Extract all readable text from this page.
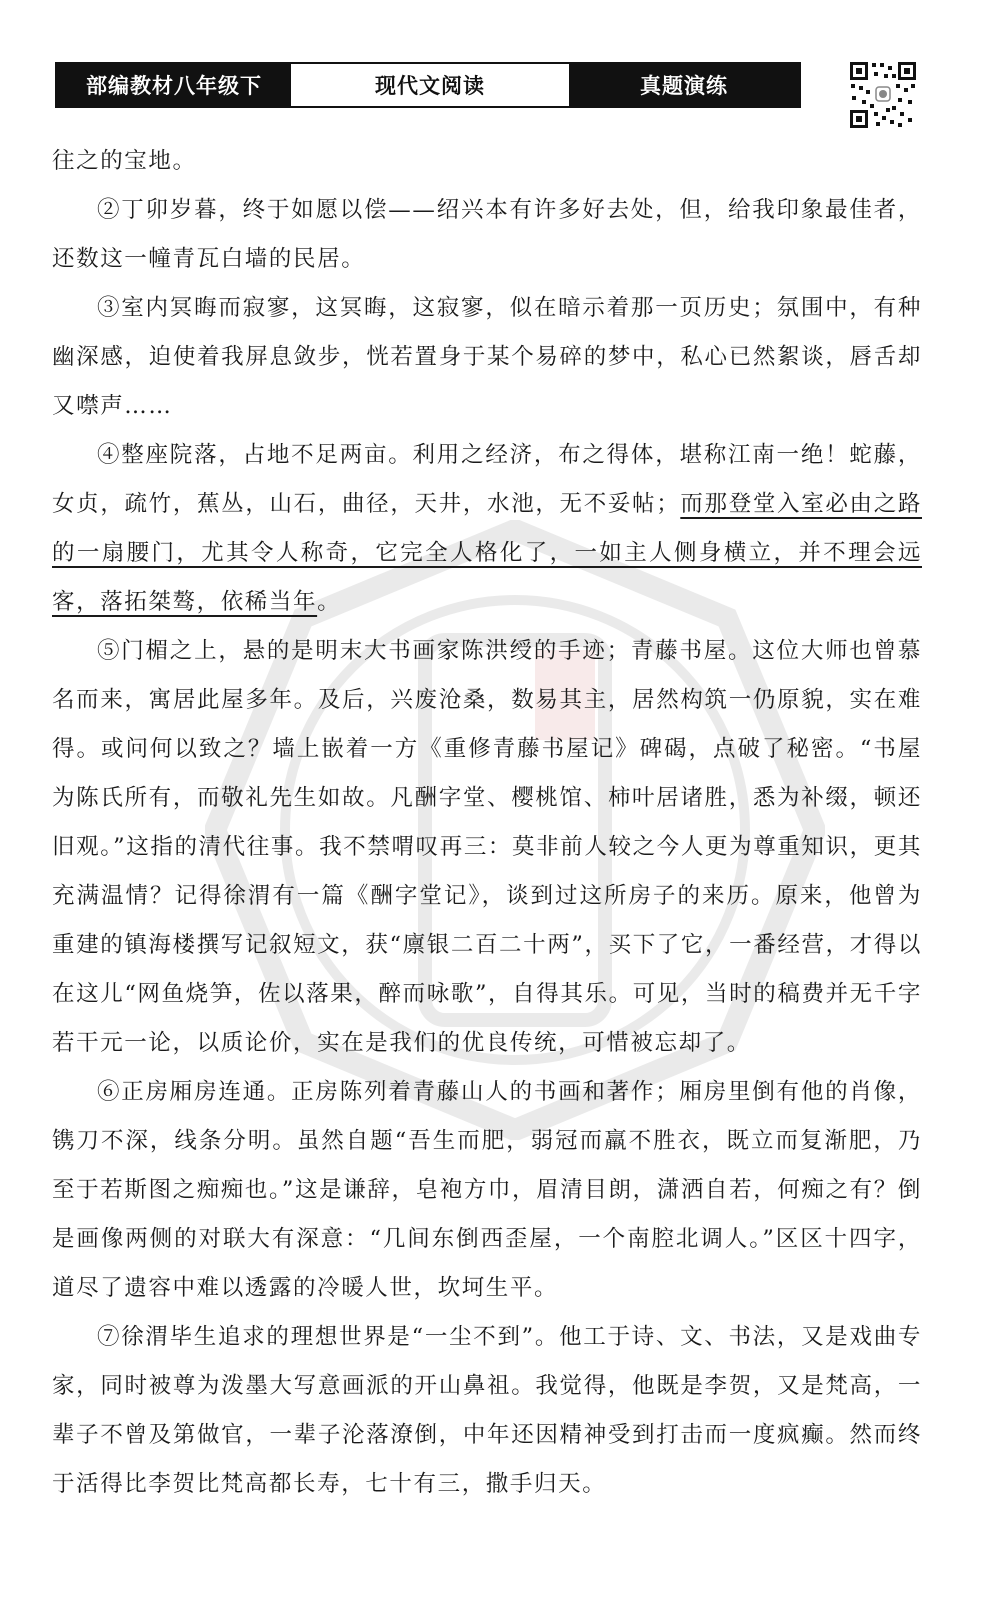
部编教材八年级下	现代文阅读	真题演练

往之的宝地。

②丁卯岁暮，终于如愿以偿——绍兴本有许多好去处，但，给我印象最佳者，还数这一幢青瓦白墙的民居。

③室内冥晦而寂寥，这冥晦，这寂寥，似在暗示着那一页历史；氛围中，有种幽深感，迫使着我屏息敛步，恍若置身于某个易碎的梦中，私心已然絮谈，唇舌却又噤声……

④整座院落，占地不足两亩。利用之经济，布之得体，堪称江南一绝！蛇藤，女贞，疏竹，蕉丛，山石，曲径，天井，水池，无不妥帖；而那登堂入室必由之路的一扇腰门，尤其令人称奇，它完全人格化了，一如主人侧身横立，并不理会远客，落拓桀骜，依稀当年。

⑤门楣之上，悬的是明末大书画家陈洪绶的手迹；青藤书屋。这位大师也曾慕名而来，寓居此屋多年。及后，兴废沧桑，数易其主，居然构筑一仍原貌，实在难得。或问何以致之？墙上嵌着一方《重修青藤书屋记》碑碣，点破了秘密。“书屋为陈氏所有，而敬礼先生如故。凡酬字堂、樱桃馆、柿叶居诸胜，悉为补缀，顿还旧观。”这指的清代往事。我不禁喟叹再三：莫非前人较之今人更为尊重知识，更其充满温情？记得徐渭有一篇《酬字堂记》，谈到过这所房子的来历。原来，他曾为重建的镇海楼撰写记叙短文，获“廪银二百二十两”，买下了它，一番经营，才得以在这儿“网鱼烧笋，佐以落果，醉而咏歌”，自得其乐。可见，当时的稿费并无千字若干元一论，以质论价，实在是我们的优良传统，可惜被忘却了。

⑥正房厢房连通。正房陈列着青藤山人的书画和著作；厢房里倒有他的肖像，镌刀不深，线条分明。虽然自题“吾生而肥，弱冠而羸不胜衣，既立而复渐肥，乃至于若斯图之痴痴也。”这是谦辞，皂袍方巾，眉清目朗，潇洒自若，何痴之有？倒是画像两侧的对联大有深意：“几间东倒西歪屋，一个南腔北调人。”区区十四字，道尽了遗容中难以透露的冷暖人世，坎坷生平。

⑦徐渭毕生追求的理想世界是“一尘不到”。他工于诗、文、书法，又是戏曲专家，同时被尊为泼墨大写意画派的开山鼻祖。我觉得，他既是李贺，又是梵高，一辈子不曾及第做官，一辈子沦落潦倒，中年还因精神受到打击而一度疯癫。然而终于活得比李贺比梵高都长寿，七十有三，撒手归天。
